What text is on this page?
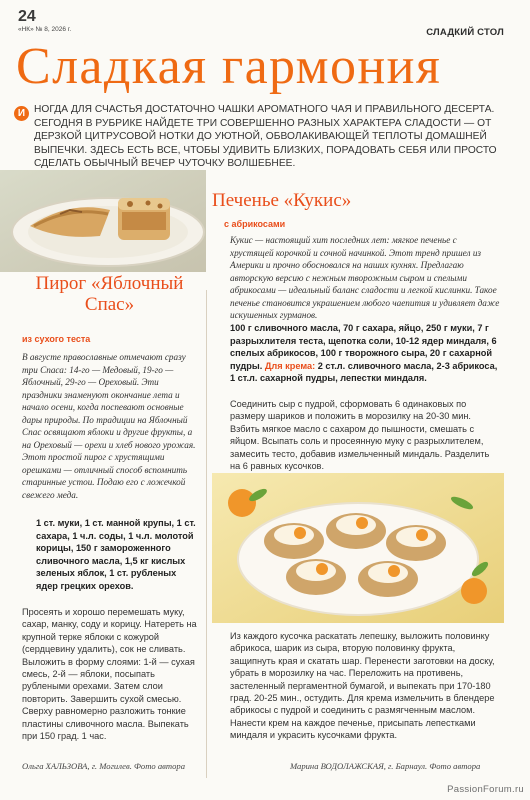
24
«НК» № 8, 2026 г.	СЛАДКИЙ СТОЛ
Сладкая гармония
И НОГДА ДЛЯ СЧАСТЬЯ ДОСТАТОЧНО ЧАШКИ АРОМАТНОГО ЧАЯ И ПРАВИЛЬНОГО ДЕСЕРТА. СЕГОДНЯ В РУБРИКЕ НАЙДЕТЕ ТРИ СОВЕРШЕННО РАЗНЫХ ХАРАКТЕРА СЛАДОСТИ — ОТ ДЕРЗКОЙ ЦИТРУСОВОЙ НОТКИ ДО УЮТНОЙ, ОБВОЛАКИВАЮЩЕЙ ТЕПЛОТЫ ДОМАШНЕЙ ВЫПЕЧКИ. ЗДЕСЬ ЕСТЬ ВСЕ, ЧТОБЫ УДИВИТЬ БЛИЗКИХ, ПОРАДОВАТЬ СЕБЯ ИЛИ ПРОСТО СДЕЛАТЬ ОБЫЧНЫЙ ВЕЧЕР ЧУТОЧКУ ВОЛШЕБНЕЕ.
Пирог «Яблочный Спас»
из сухого теста
В августе православные отмечают сразу три Спаса: 14-го — Медовый, 19-го — Яблочный, 29-го — Ореховый. Эти праздники знаменуют окончание лета и начало осени, когда поспевают основные дары природы. По традиции на Яблочный Спас освящают яблоки и другие фрукты, а на Ореховый — орехи и хлеб нового урожая. Этот простой пирог с хрустящими орешками — отличный способ вспомнить старинные устои. Подаю его с ложечкой свежего меда.
1 ст. муки, 1 ст. манной крупы, 1 ст. сахара, 1 ч.л. соды, 1 ч.л. молотой корицы, 150 г замороженного сливочного масла, 1,5 кг кислых зеленых яблок, 1 ст. рубленых ядер грецких орехов.
Просеять и хорошо перемешать муку, сахар, манку, соду и корицу. Натереть на крупной терке яблоки с кожурой (сердцевину удалить), сок не сливать. Выложить в форму слоями: 1-й — сухая смесь, 2-й — яблоки, посыпать рублеными орехами. Затем слои повторить. Завершить сухой смесью. Сверху равномерно разложить тонкие пластины сливочного масла. Выпекать при 150 град. 1 час.
Ольга ХАЛЬЗОВА, г. Могилев. Фото автора
Печенье «Кукис»
с абрикосами
Кукис — настоящий хит последних лет: мягкое печенье с хрустящей корочкой и сочной начинкой. Этот тренд пришел из Америки и прочно обосновался на наших кухнях. Предлагаю авторскую версию с нежным творожным сыром и спелыми абрикосами — идеальный баланс сладости и легкой кислинки. Такое печенье становится украшением любого чаепития и удивляет даже искушенных гурманов.
100 г сливочного масла, 70 г сахара, яйцо, 250 г муки, 7 г разрыхлителя теста, щепотка соли, 10-12 ядер миндаля, 6 спелых абрикосов, 100 г творожного сыра, 20 г сахарной пудры. Для крема: 2 ст.л. сливочного масла, 2-3 абрикоса, 1 ст.л. сахарной пудры, лепестки миндаля.
Соединить сыр с пудрой, сформовать 6 одинаковых по размеру шариков и положить в морозилку на 20-30 мин. Взбить мягкое масло с сахаром до пышности, смешать с яйцом. Всыпать соль и просеянную муку с разрыхлителем, замесить тесто, добавив измельченный миндаль. Разделить на 6 равных кусочков.
Из каждого кусочка раскатать лепешку, выложить половинку абрикоса, шарик из сыра, вторую половинку фрукта, защипнуть края и скатать шар. Перенести заготовки на доску, убрать в морозилку на час. Переложить на противень, застеленный пергаментной бумагой, и выпекать при 170-180 град. 20-25 мин., остудить. Для крема измельчить в блендере абрикосы с пудрой и соединить с размягченным маслом. Нанести крем на каждое печенье, присыпать лепестками миндаля и украсить кусочками фрукта.
Марина ВОДОЛАЖСКАЯ, г. Барнаул. Фото автора
PassionForum.ru
